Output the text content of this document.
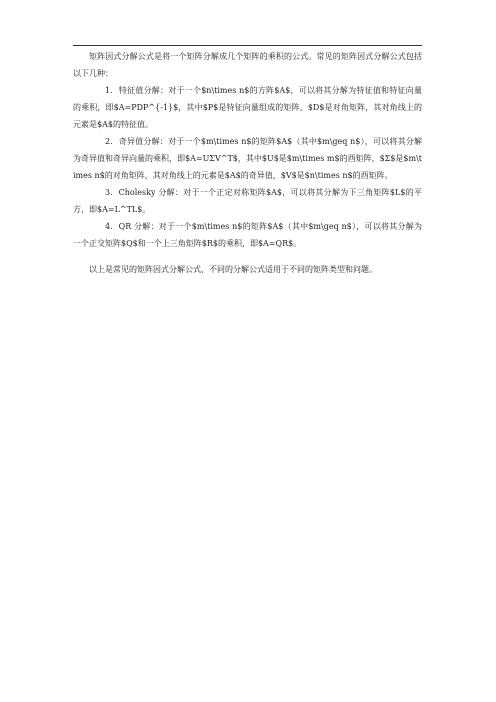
矩阵因式分解公式是将一个矩阵分解成几个矩阵的乘积的公式。常见的矩阵因式分解公式包括以下几种：

1. 特征值分解：对于一个$n\times n$的方阵$A$，可以将其分解为特征值和特征向量的乘积，即$A=PDP^{-1}$，其中$P$是特征向量组成的矩阵，$D$是对角矩阵，其对角线上的元素是$A$的特征值。

2. 奇异值分解：对于一个$m\times n$的矩阵$A$（其中$m\geq n$），可以将其分解为奇异值和奇异向量的乘积，即$A=UΣV^T$，其中$U$是$m\times m$的酉矩阵，$Σ$是$m\times n$的对角矩阵，其对角线上的元素是$A$的奇异值，$V$是$n\times n$的酉矩阵。

3. Cholesky 分解：对于一个正定对称矩阵$A$，可以将其分解为下三角矩阵$L$的平方，即$A=L^TL$。

4. QR 分解：对于一个$m\times n$的矩阵$A$（其中$m\geq n$），可以将其分解为一个正交矩阵$Q$和一个上三角矩阵$R$的乘积，即$A=QR$。

以上是常见的矩阵因式分解公式，不同的分解公式适用于不同的矩阵类型和问题。
